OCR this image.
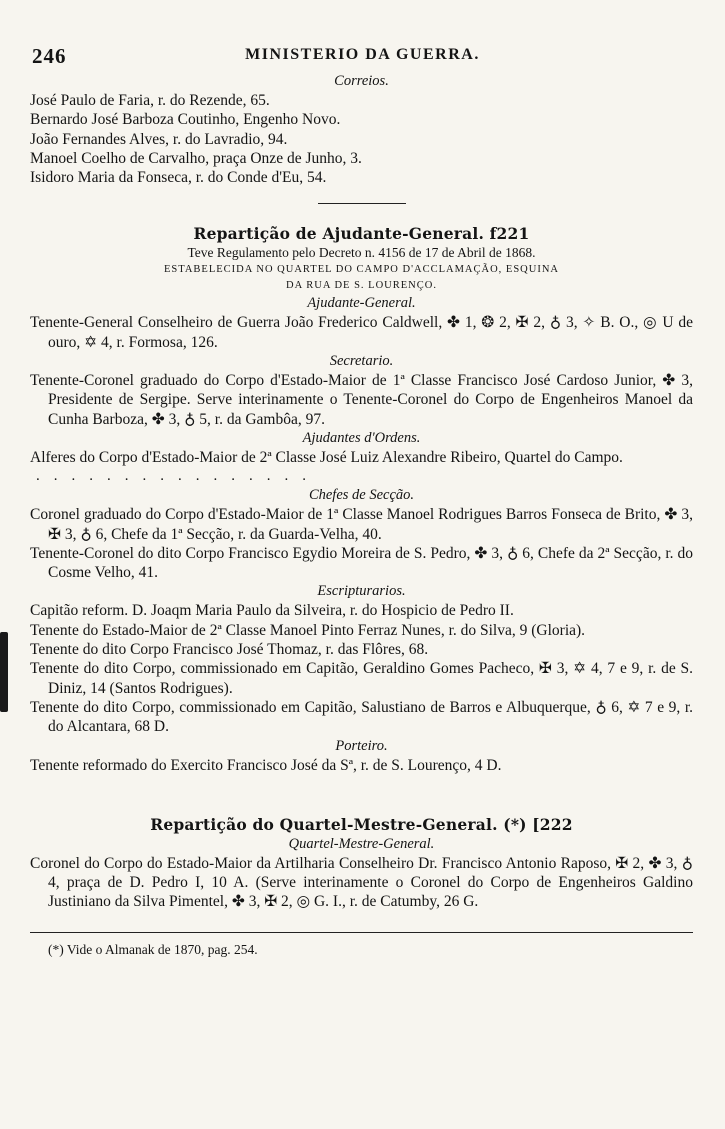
246	MINISTERIO DA GUERRA.
Correios.

José Paulo de Faria, r. do Rezende, 65.

Bernardo José Barboza Coutinho, Engenho Novo.

João Fernandes Alves, r. do Lavradio, 94.

Manoel Coelho de Carvalho, praça Onze de Junho, 3.

Isidoro Maria da Fonseca, r. do Conde d'Eu, 54.

Repartição de Ajudante-General. f221
Teve Regulamento pelo Decreto n. 4156 de 17 de Abril de 1868.
ESTABELECIDA NO QUARTEL DO CAMPO D'ACCLAMAÇÃO, ESQUINA
DA RUA DE S. LOURENÇO.
Ajudante-General.

Tenente-General Conselheiro de Guerra João Frederico Caldwell, ✤ 1, ❂ 2, ✠ 2, ♁ 3, ✧ B. O., ◎ U de ouro, ✡ 4, r. Formosa, 126.

Secretario.

Tenente-Coronel graduado do Corpo d'Estado-Maior de 1ª Classe Francisco José Cardoso Junior, ✤ 3, Presidente de Sergipe. Serve interinamente o Tenente-Coronel do Corpo de Engenheiros Manoel da Cunha Barboza, ✤ 3, ♁ 5, r. da Gambôa, 97.

Ajudantes d'Ordens.

Alferes do Corpo d'Estado-Maior de 2ª Classe José Luiz Alexandre Ribeiro, Quartel do Campo.

................
Chefes de Secção.

Coronel graduado do Corpo d'Estado-Maior de 1ª Classe Manoel Rodrigues Barros Fonseca de Brito, ✤ 3, ✠ 3, ♁ 6, Chefe da 1ª Secção, r. da Guarda-Velha, 40.

Tenente-Coronel do dito Corpo Francisco Egydio Moreira de S. Pedro, ✤ 3, ♁ 6, Chefe da 2ª Secção, r. do Cosme Velho, 41.

Escripturarios.

Capitão reform. D. Joaqm Maria Paulo da Silveira, r. do Hospicio de Pedro II.

Tenente do Estado-Maior de 2ª Classe Manoel Pinto Ferraz Nunes, r. do Silva, 9 (Gloria).

Tenente do dito Corpo Francisco José Thomaz, r. das Flôres, 68.

Tenente do dito Corpo, commissionado em Capitão, Geraldino Gomes Pacheco, ✠ 3, ✡ 4, 7 e 9, r. de S. Diniz, 14 (Santos Rodrigues).

Tenente do dito Corpo, commissionado em Capitão, Salustiano de Barros e Albuquerque, ♁ 6, ✡ 7 e 9, r. do Alcantara, 68 D.

Porteiro.

Tenente reformado do Exercito Francisco José da Sª, r. de S. Lourenço, 4 D.

Repartição do Quartel-Mestre-General. (*) [222
Quartel-Mestre-General.

Coronel do Corpo do Estado-Maior da Artilharia Conselheiro Dr. Francisco Antonio Raposo, ✠ 2, ✤ 3, ♁ 4, praça de D. Pedro I, 10 A. (Serve interinamente o Coronel do Corpo de Engenheiros Galdino Justiniano da Silva Pimentel, ✤ 3, ✠ 2, ◎ G. I., r. de Catumby, 26 G.

(*) Vide o Almanak de 1870, pag. 254.
